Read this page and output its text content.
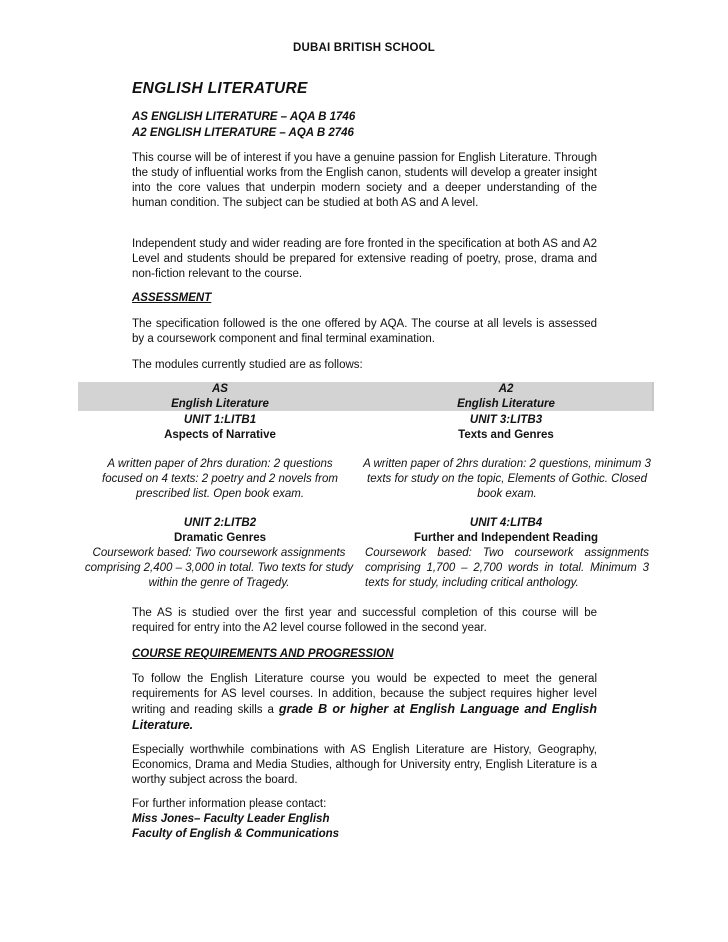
DUBAI BRITISH SCHOOL
ENGLISH LITERATURE
AS ENGLISH LITERATURE – AQA B 1746
A2 ENGLISH LITERATURE – AQA B 2746
This course will be of interest if you have a genuine passion for English Literature. Through the study of influential works from the English canon, students will develop a greater insight into the core values that underpin modern society and a deeper understanding of the human condition. The subject can be studied at both AS and A level.
Independent study and wider reading are fore fronted in the specification at both AS and A2 Level and students should be prepared for extensive reading of poetry, prose, drama and non-fiction relevant to the course.
ASSESSMENT
The specification followed is the one offered by AQA. The course at all levels is assessed by a coursework component and final terminal examination.
The modules currently studied are as follows:
AS
English Literature
A2
English Literature
UNIT 1:LITB1
Aspects of Narrative
UNIT 3:LITB3
Texts and Genres
A written paper of 2hrs duration: 2 questions focused on 4 texts: 2 poetry and 2 novels from prescribed list. Open book exam.
A written paper of 2hrs duration: 2 questions, minimum 3 texts for study on the topic, Elements of Gothic. Closed book exam.
UNIT 2:LITB2
Dramatic Genres
UNIT 4:LITB4
Further and Independent Reading
Coursework based: Two coursework assignments comprising 2,400 – 3,000 in total. Two texts for study within the genre of Tragedy.
Coursework based: Two coursework assignments comprising 1,700 – 2,700 words in total. Minimum 3 texts for study, including critical anthology.
The AS is studied over the first year and successful completion of this course will be required for entry into the A2 level course followed in the second year.
COURSE REQUIREMENTS AND PROGRESSION
To follow the English Literature course you would be expected to meet the general requirements for AS level courses. In addition, because the subject requires higher level writing and reading skills a grade B or higher at English Language and English Literature.
Especially worthwhile combinations with AS English Literature are History, Geography, Economics, Drama and Media Studies, although for University entry, English Literature is a worthy subject across the board.
For further information please contact:
Miss Jones– Faculty Leader English
Faculty of English & Communications
